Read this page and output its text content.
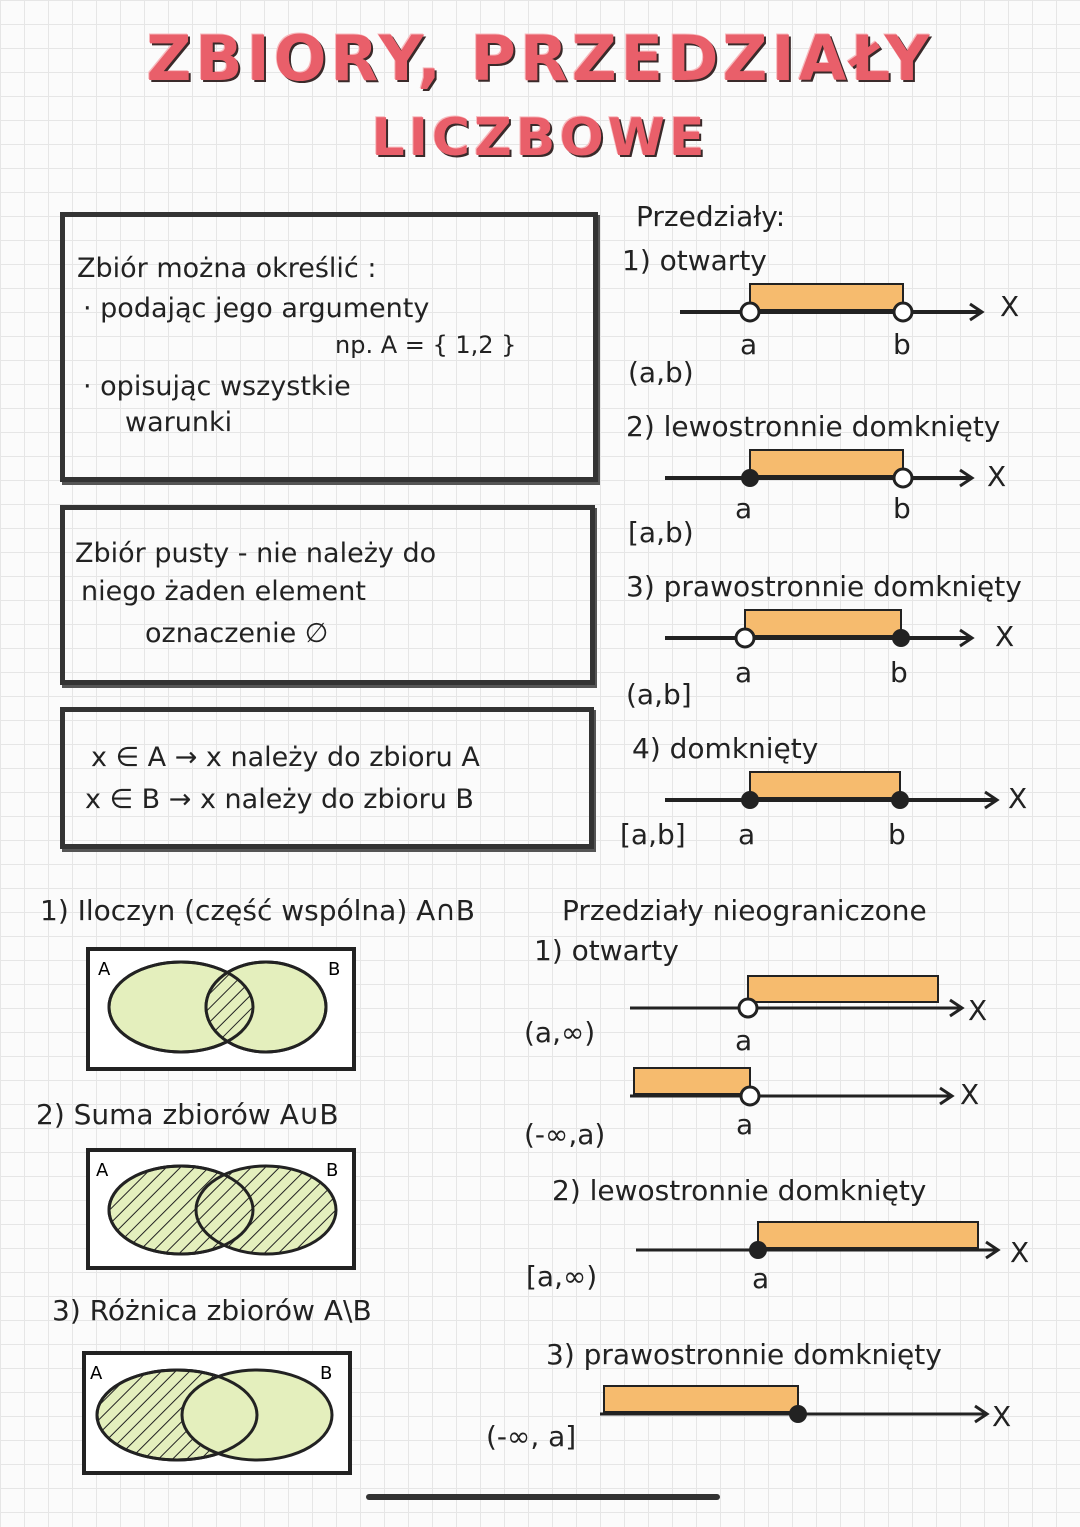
ZBIORY, PRZEDZIAŁY
LICZBOWE
Zbiór można określić :
· podając jego argumenty
np. A = { 1,2 }
· opisując wszystkie
warunki
Zbiór pusty - nie należy do
niego żaden element
oznaczenie ∅
x ∈ A → x należy do zbioru A
x ∈ B → x należy do zbioru B
Przedziały:
1) otwarty
X
a	b
(a,b)
2) lewostronnie domknięty
X
a	b
[a,b)
3) prawostronnie domknięty
X
a	b
(a,b]
4) domknięty
X
[a,b] a	b
1) Iloczyn (część wspólna) A∩B
A	B
2) Suma zbiorów A∪B
A	B
3) Różnica zbiorów A\B
A	B
Przedziały nieograniczone
1) otwarty
X
(a,∞)	a
X
a
(-∞,a)
2) lewostronnie domknięty
X
[a,∞)	a
3) prawostronnie domknięty
X
(-∞, a]
